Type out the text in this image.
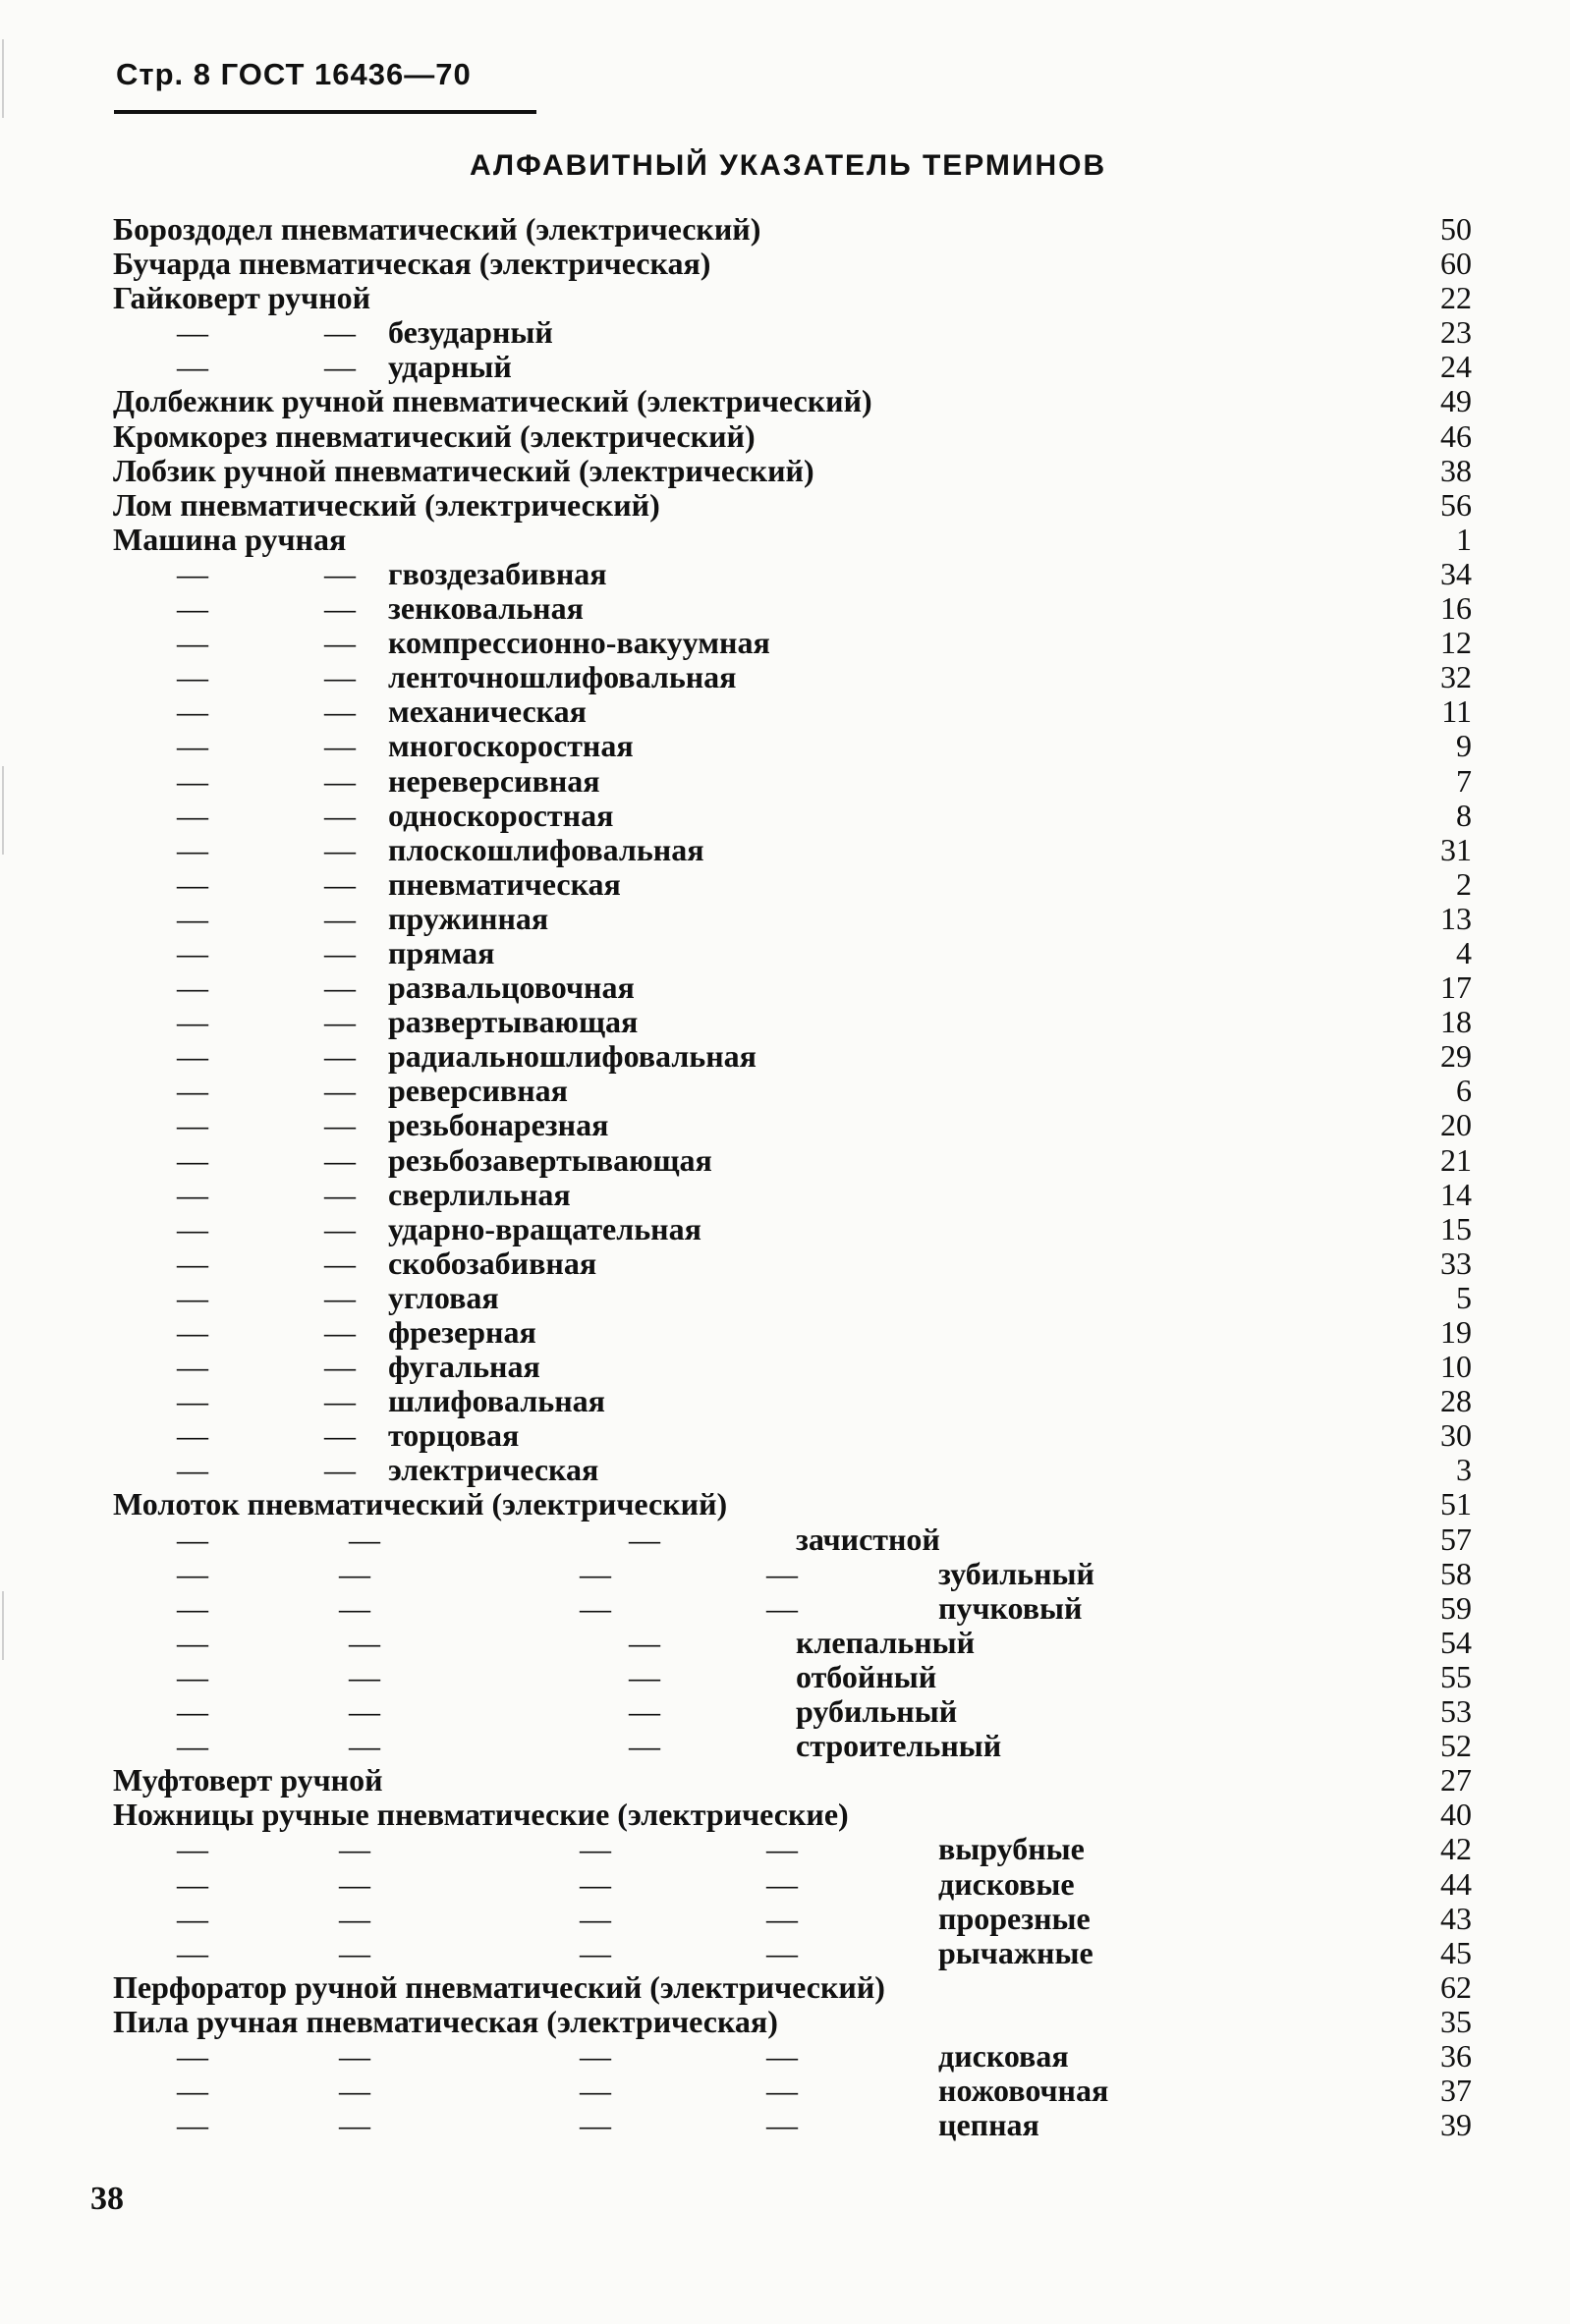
Стр. 8 ГОСТ 16436—70
АЛФАВИТНЫЙ УКАЗАТЕЛЬ ТЕРМИНОВ
Бороздодел пневматический (электрический)	50
Бучарда пневматическая (электрическая)	60
Гайковерт ручной	22
—	— безударный	23
—	— ударный	24
Долбежник ручной пневматический (электрический)	49
Кромкорез пневматический (электрический)	46
Лобзик ручной пневматический (электрический)	38
Лом пневматический (электрический)	56
Машина ручная	1
—	— гвоздезабивная	34
—	— зенковальная	16
—	— компрессионно-вакуумная	12
—	— ленточношлифовальная	32
—	— механическая	11
—	— многоскоростная	9
—	— нереверсивная	7
—	— односкоростная	8
—	— плоскошлифовальная	31
—	— пневматическая	2
—	— пружинная	13
—	— прямая	4
—	— развальцовочная	17
—	— развертывающая	18
—	— радиальношлифовальная	29
—	— реверсивная	6
—	— резьбонарезная	20
—	— резьбозавертывающая	21
—	— сверлильная	14
—	— ударно-вращательная	15
—	— скобозабивная	33
—	— угловая	5
—	— фрезерная	19
—	— фугальная	10
—	— шлифовальная	28
—	— торцовая	30
—	— электрическая	3
Молоток пневматический (электрический)	51
—	—	—	зачистной	57
—	—	—	—	зубильный	58
—	—	—	—	пучковый	59
—	—	—	клепальный	54
—	—	—	отбойный	55
—	—	—	рубильный	53
—	—	—	строительный	52
Муфтоверт ручной	27
Ножницы ручные пневматические (электрические)	40
—	—	—	—	вырубные	42
—	—	—	—	дисковые	44
—	—	—	—	прорезные	43
—	—	—	—	рычажные	45
Перфоратор ручной пневматический (электрический)	62
Пила ручная пневматическая (электрическая)	35
—	—	—	—	дисковая	36
—	—	—	—	ножовочная	37
—	—	—	—	цепная	39
38
